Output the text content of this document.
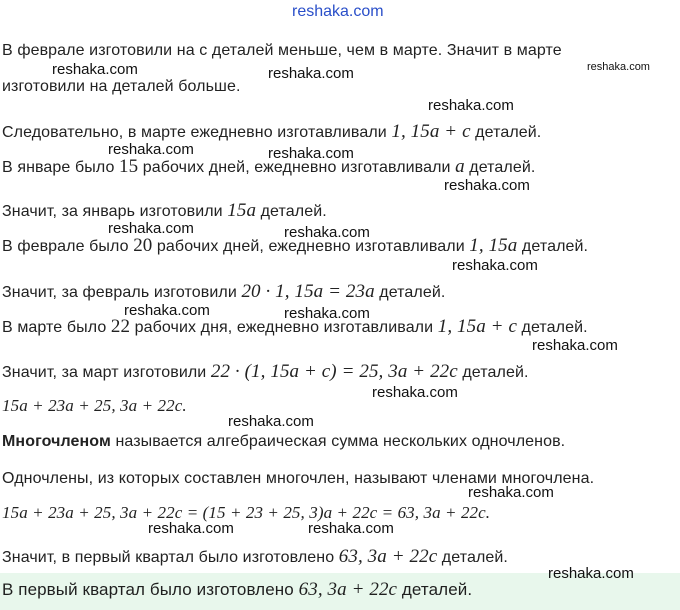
В феврале изготовили на c деталей меньше, чем в марте. Значит в марте
изготовили на деталей больше.
Следовательно, в марте ежедневно изготавливали 1, 15a + c деталей.
В январе было 15 рабочих дней, ежедневно изготавливали a деталей.
Значит, за январь изготовили 15a деталей.
В феврале было 20 рабочих дней, ежедневно изготавливали 1, 15a деталей.
Значит, за февраль изготовили 20 · 1, 15a = 23a деталей.
В марте было 22 рабочих дня, ежедневно изготавливали 1, 15a + c деталей.
Значит, за март изготовили 22 · (1, 15a + c) = 25, 3a + 22c деталей.
15a + 23a + 25, 3a + 22c.
Многочленом называется алгебраическая сумма нескольких одночленов.
Одночлены, из которых составлен многочлен, называют членами многочлена.
15a + 23a + 25, 3a + 22c = (15 + 23 + 25, 3)a + 22c = 63, 3a + 22c.
Значит, в первый квартал было изготовлено 63, 3a + 22c деталей.
В первый квартал было изготовлено 63, 3a + 22c деталей.
reshaka.com
reshaka.com	reshaka.com	reshaka.com
reshaka.com
reshaka.com	reshaka.com
reshaka.com
reshaka.com	reshaka.com
reshaka.com
reshaka.com	reshaka.com
reshaka.com
reshaka.com
reshaka.com
reshaka.com
reshaka.com	reshaka.com
reshaka.com
